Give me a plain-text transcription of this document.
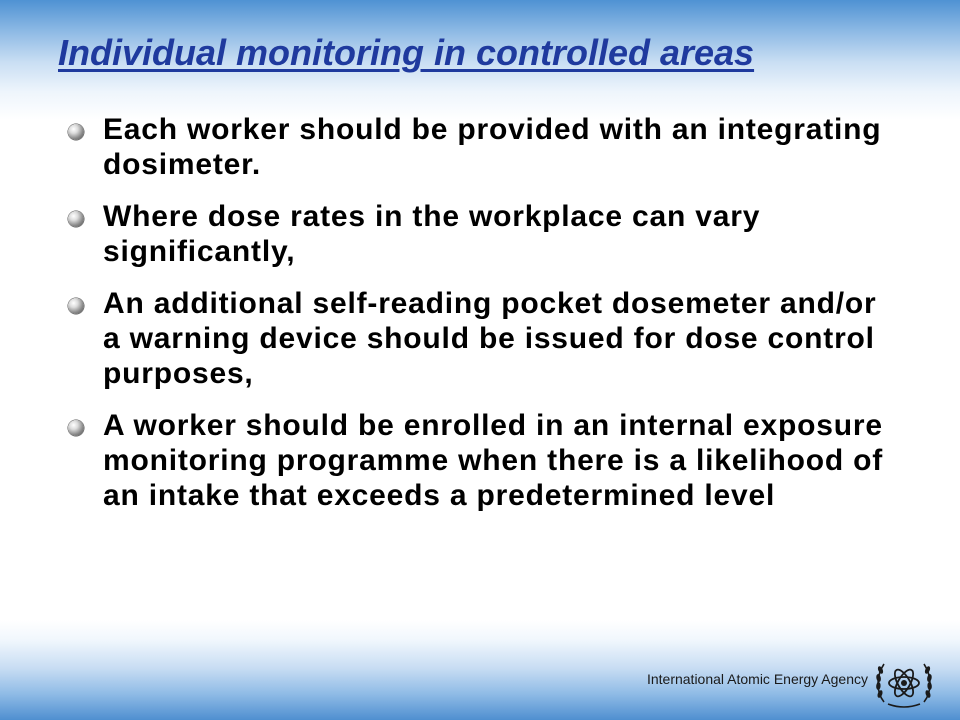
Individual monitoring in controlled areas
Each worker should be provided with an integrating dosimeter.
Where dose rates in the workplace can vary significantly,
An additional self-reading pocket dosemeter and/or a warning device should be issued for dose control purposes,
A worker should be enrolled in an internal exposure monitoring programme when there is a likelihood of an intake that exceeds a predetermined level
International Atomic Energy Agency
